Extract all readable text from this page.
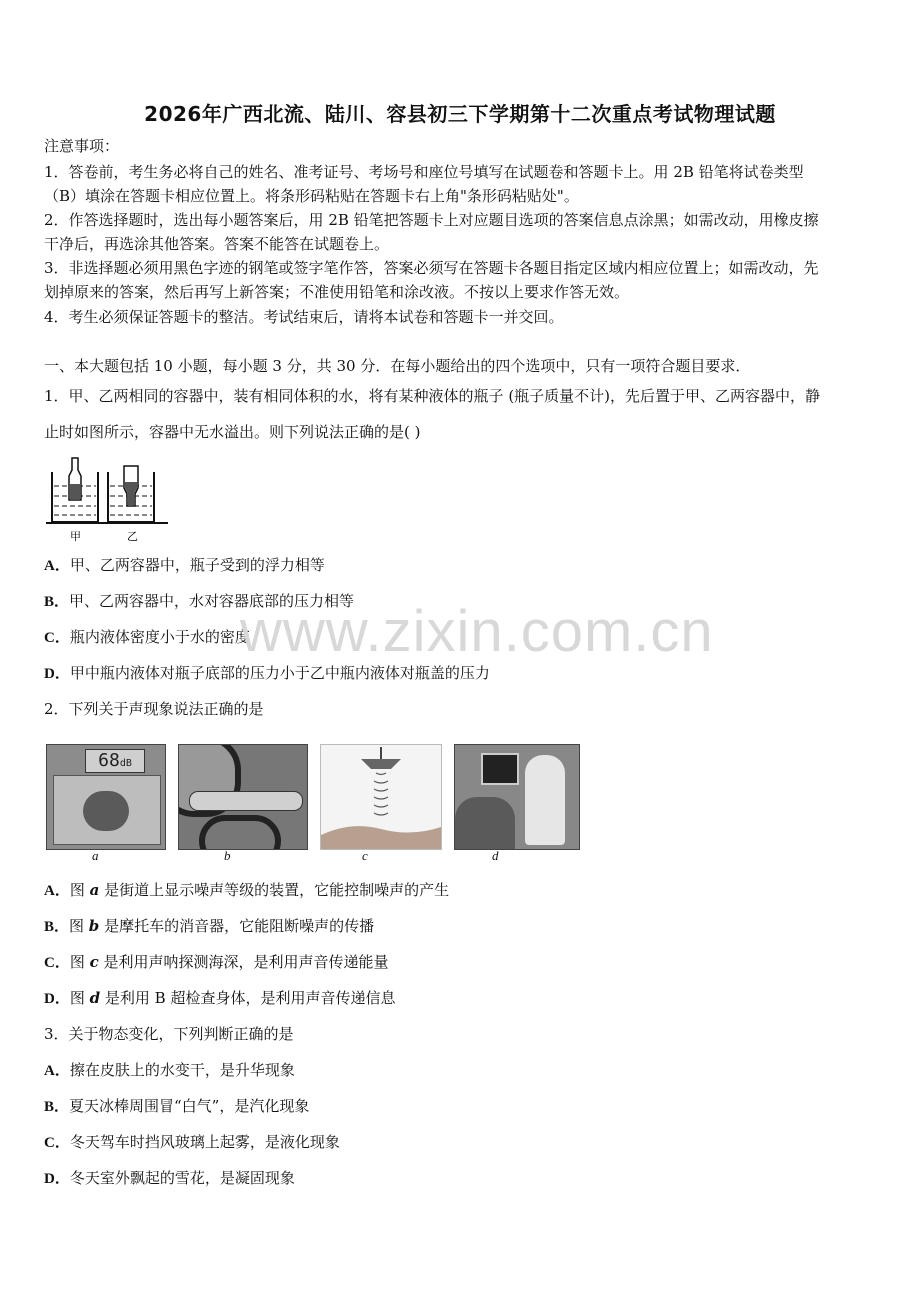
2026年广西北流、陆川、容县初三下学期第十二次重点考试物理试题
注意事项：
1．答卷前，考生务必将自己的姓名、准考证号、考场号和座位号填写在试题卷和答题卡上。用 2B 铅笔将试卷类型
（B）填涂在答题卡相应位置上。将条形码粘贴在答题卡右上角"条形码粘贴处"。
2．作答选择题时，选出每小题答案后，用 2B 铅笔把答题卡上对应题目选项的答案信息点涂黑；如需改动，用橡皮擦
干净后，再选涂其他答案。答案不能答在试题卷上。
3．非选择题必须用黑色字迹的钢笔或签字笔作答，答案必须写在答题卡各题目指定区域内相应位置上；如需改动，先
划掉原来的答案，然后再写上新答案；不准使用铅笔和涂改液。不按以上要求作答无效。
4．考生必须保证答题卡的整洁。考试结束后，请将本试卷和答题卡一并交回。
一、本大题包括 10 小题，每小题 3 分，共 30 分．在每小题给出的四个选项中，只有一项符合题目要求．
1．甲、乙两相同的容器中，装有相同体积的水，将有某种液体的瓶子 (瓶子质量不计)，先后置于甲、乙两容器中，静
止时如图所示，容器中无水溢出。则下列说法正确的是( )
甲	乙
A．甲、乙两容器中，瓶子受到的浮力相等
B．甲、乙两容器中，水对容器底部的压力相等
C．瓶内液体密度小于水的密度
D．甲中瓶内液体对瓶子底部的压力小于乙中瓶内液体对瓶盖的压力
www.zixin.com.cn
2．下列关于声现象说法正确的是
68dB
a	b	c	d
A．图 a 是街道上显示噪声等级的装置，它能控制噪声的产生
B．图 b 是摩托车的消音器，它能阻断噪声的传播
C．图 c 是利用声呐探测海深，是利用声音传递能量
D．图 d 是利用 B 超检查身体，是利用声音传递信息
3．关于物态变化，下列判断正确的是
A．擦在皮肤上的水变干，是升华现象
B．夏天冰棒周围冒“白气”，是汽化现象
C．冬天驾车时挡风玻璃上起雾，是液化现象
D．冬天室外飘起的雪花，是凝固现象
